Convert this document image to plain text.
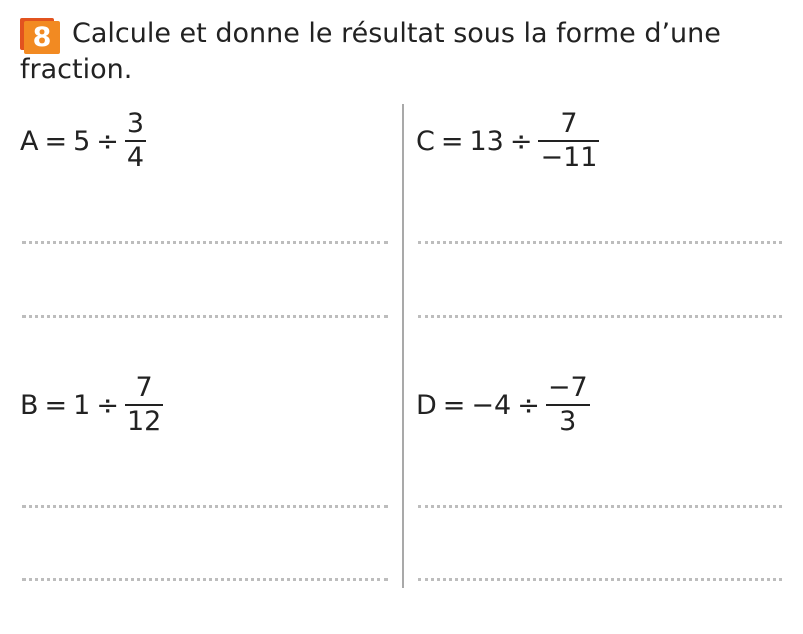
8 Calcule et donne le résultat sous la forme d’une fraction.

$A = 5 \div \frac{3}{4}$	$C = 13 \div \frac{7}{-11}$
$B = 1 \div \frac{7}{12}$	$D = -4 \div \frac{-7}{3}$
